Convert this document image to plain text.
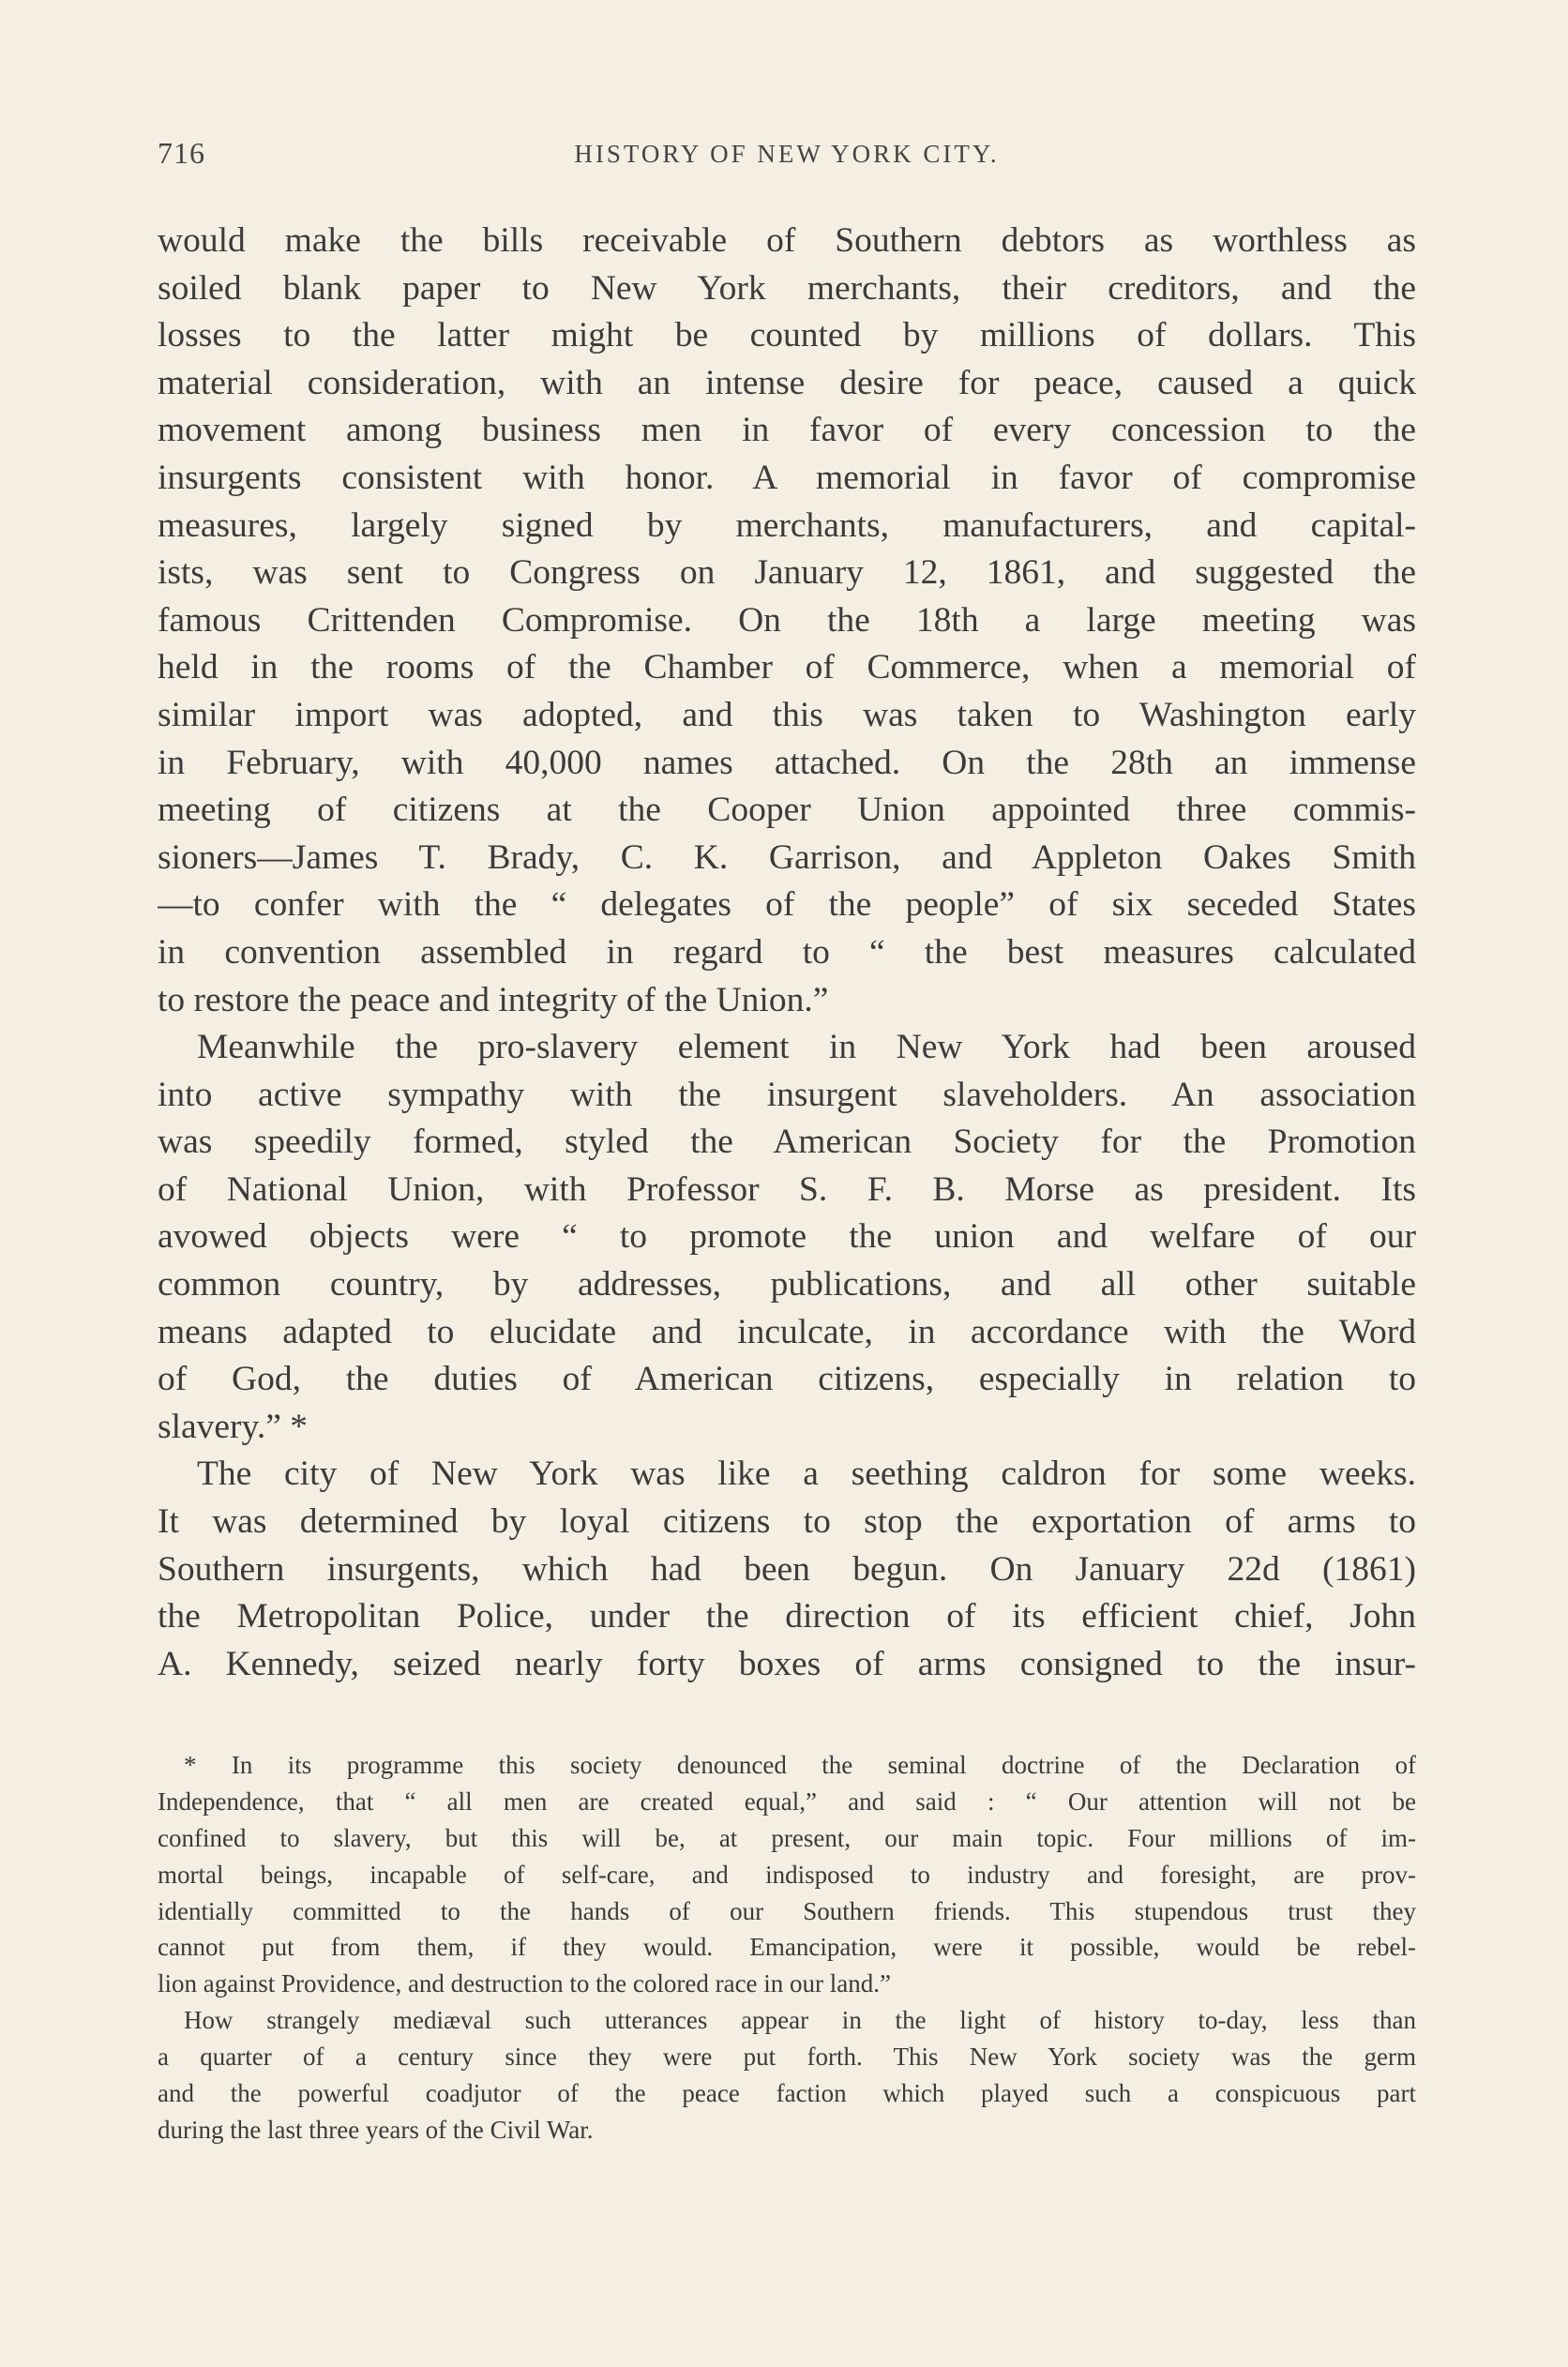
716	HISTORY OF NEW YORK CITY.
would make the bills receivable of Southern debtors as worthless as
soiled blank paper to New York merchants, their creditors, and the
losses to the latter might be counted by millions of dollars. This
material consideration, with an intense desire for peace, caused a quick
movement among business men in favor of every concession to the
insurgents consistent with honor. A memorial in favor of compromise
measures, largely signed by merchants, manufacturers, and capital-
ists, was sent to Congress on January 12, 1861, and suggested the
famous Crittenden Compromise. On the 18th a large meeting was
held in the rooms of the Chamber of Commerce, when a memorial of
similar import was adopted, and this was taken to Washington early
in February, with 40,000 names attached. On the 28th an immense
meeting of citizens at the Cooper Union appointed three commis-
sioners—James T. Brady, C. K. Garrison, and Appleton Oakes Smith
—to confer with the “ delegates of the people” of six seceded States
in convention assembled in regard to “ the best measures calculated
to restore the peace and integrity of the Union.”
Meanwhile the pro-slavery element in New York had been aroused
into active sympathy with the insurgent slaveholders. An association
was speedily formed, styled the American Society for the Promotion
of National Union, with Professor S. F. B. Morse as president. Its
avowed objects were “ to promote the union and welfare of our
common country, by addresses, publications, and all other suitable
means adapted to elucidate and inculcate, in accordance with the Word
of God, the duties of American citizens, especially in relation to
slavery.” *
The city of New York was like a seething caldron for some weeks.
It was determined by loyal citizens to stop the exportation of arms to
Southern insurgents, which had been begun. On January 22d (1861)
the Metropolitan Police, under the direction of its efficient chief, John
A. Kennedy, seized nearly forty boxes of arms consigned to the insur-
* In its programme this society denounced the seminal doctrine of the Declaration of
Independence, that “ all men are created equal,” and said : “ Our attention will not be
confined to slavery, but this will be, at present, our main topic. Four millions of im-
mortal beings, incapable of self-care, and indisposed to industry and foresight, are prov-
identially committed to the hands of our Southern friends. This stupendous trust they
cannot put from them, if they would. Emancipation, were it possible, would be rebel-
lion against Providence, and destruction to the colored race in our land.”
How strangely mediæval such utterances appear in the light of history to-day, less than
a quarter of a century since they were put forth. This New York society was the germ
and the powerful coadjutor of the peace faction which played such a conspicuous part
during the last three years of the Civil War.
